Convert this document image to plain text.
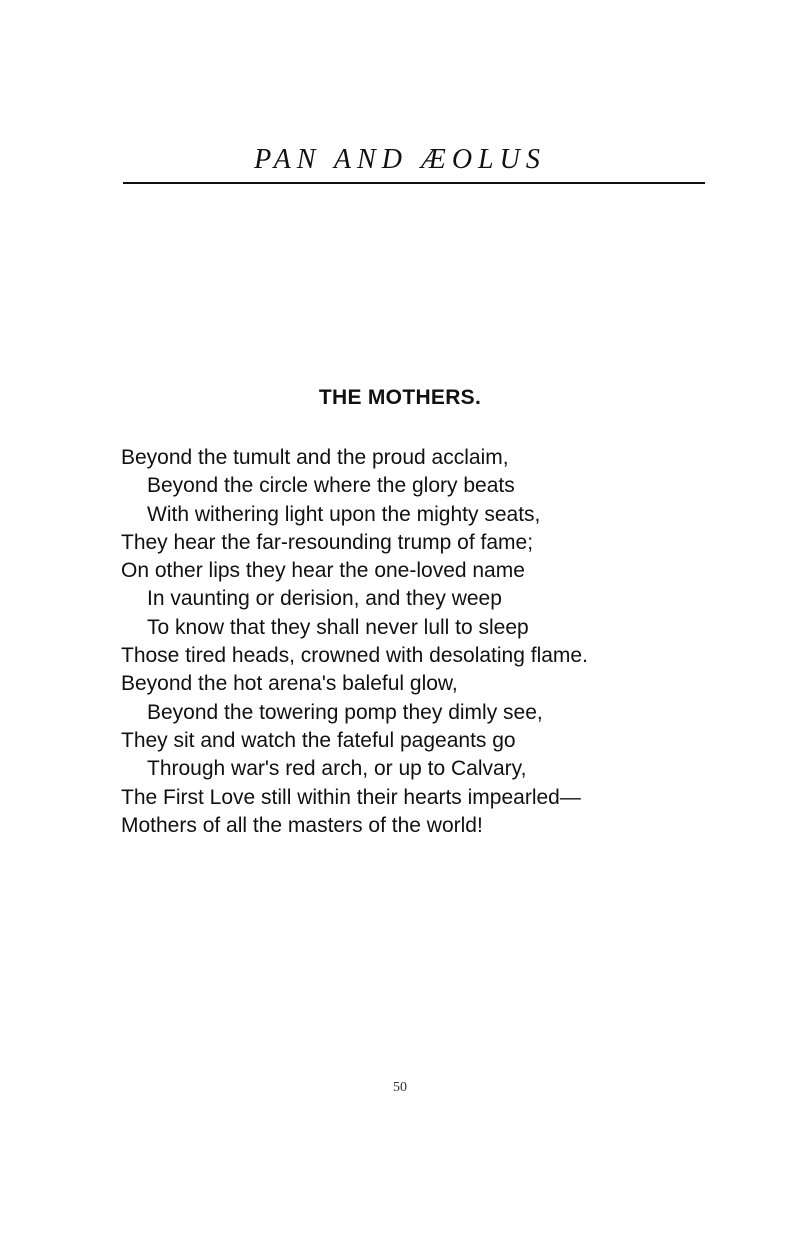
PAN AND ÆOLUS
THE MOTHERS.
Beyond the tumult and the proud acclaim,
Beyond the circle where the glory beats
With withering light upon the mighty seats,
They hear the far-resounding trump of fame;
On other lips they hear the one-loved name
In vaunting or derision, and they weep
To know that they shall never lull to sleep
Those tired heads, crowned with desolating flame.
Beyond the hot arena's baleful glow,
Beyond the towering pomp they dimly see,
They sit and watch the fateful pageants go
Through war's red arch, or up to Calvary,
The First Love still within their hearts impearled—
Mothers of all the masters of the world!
50
